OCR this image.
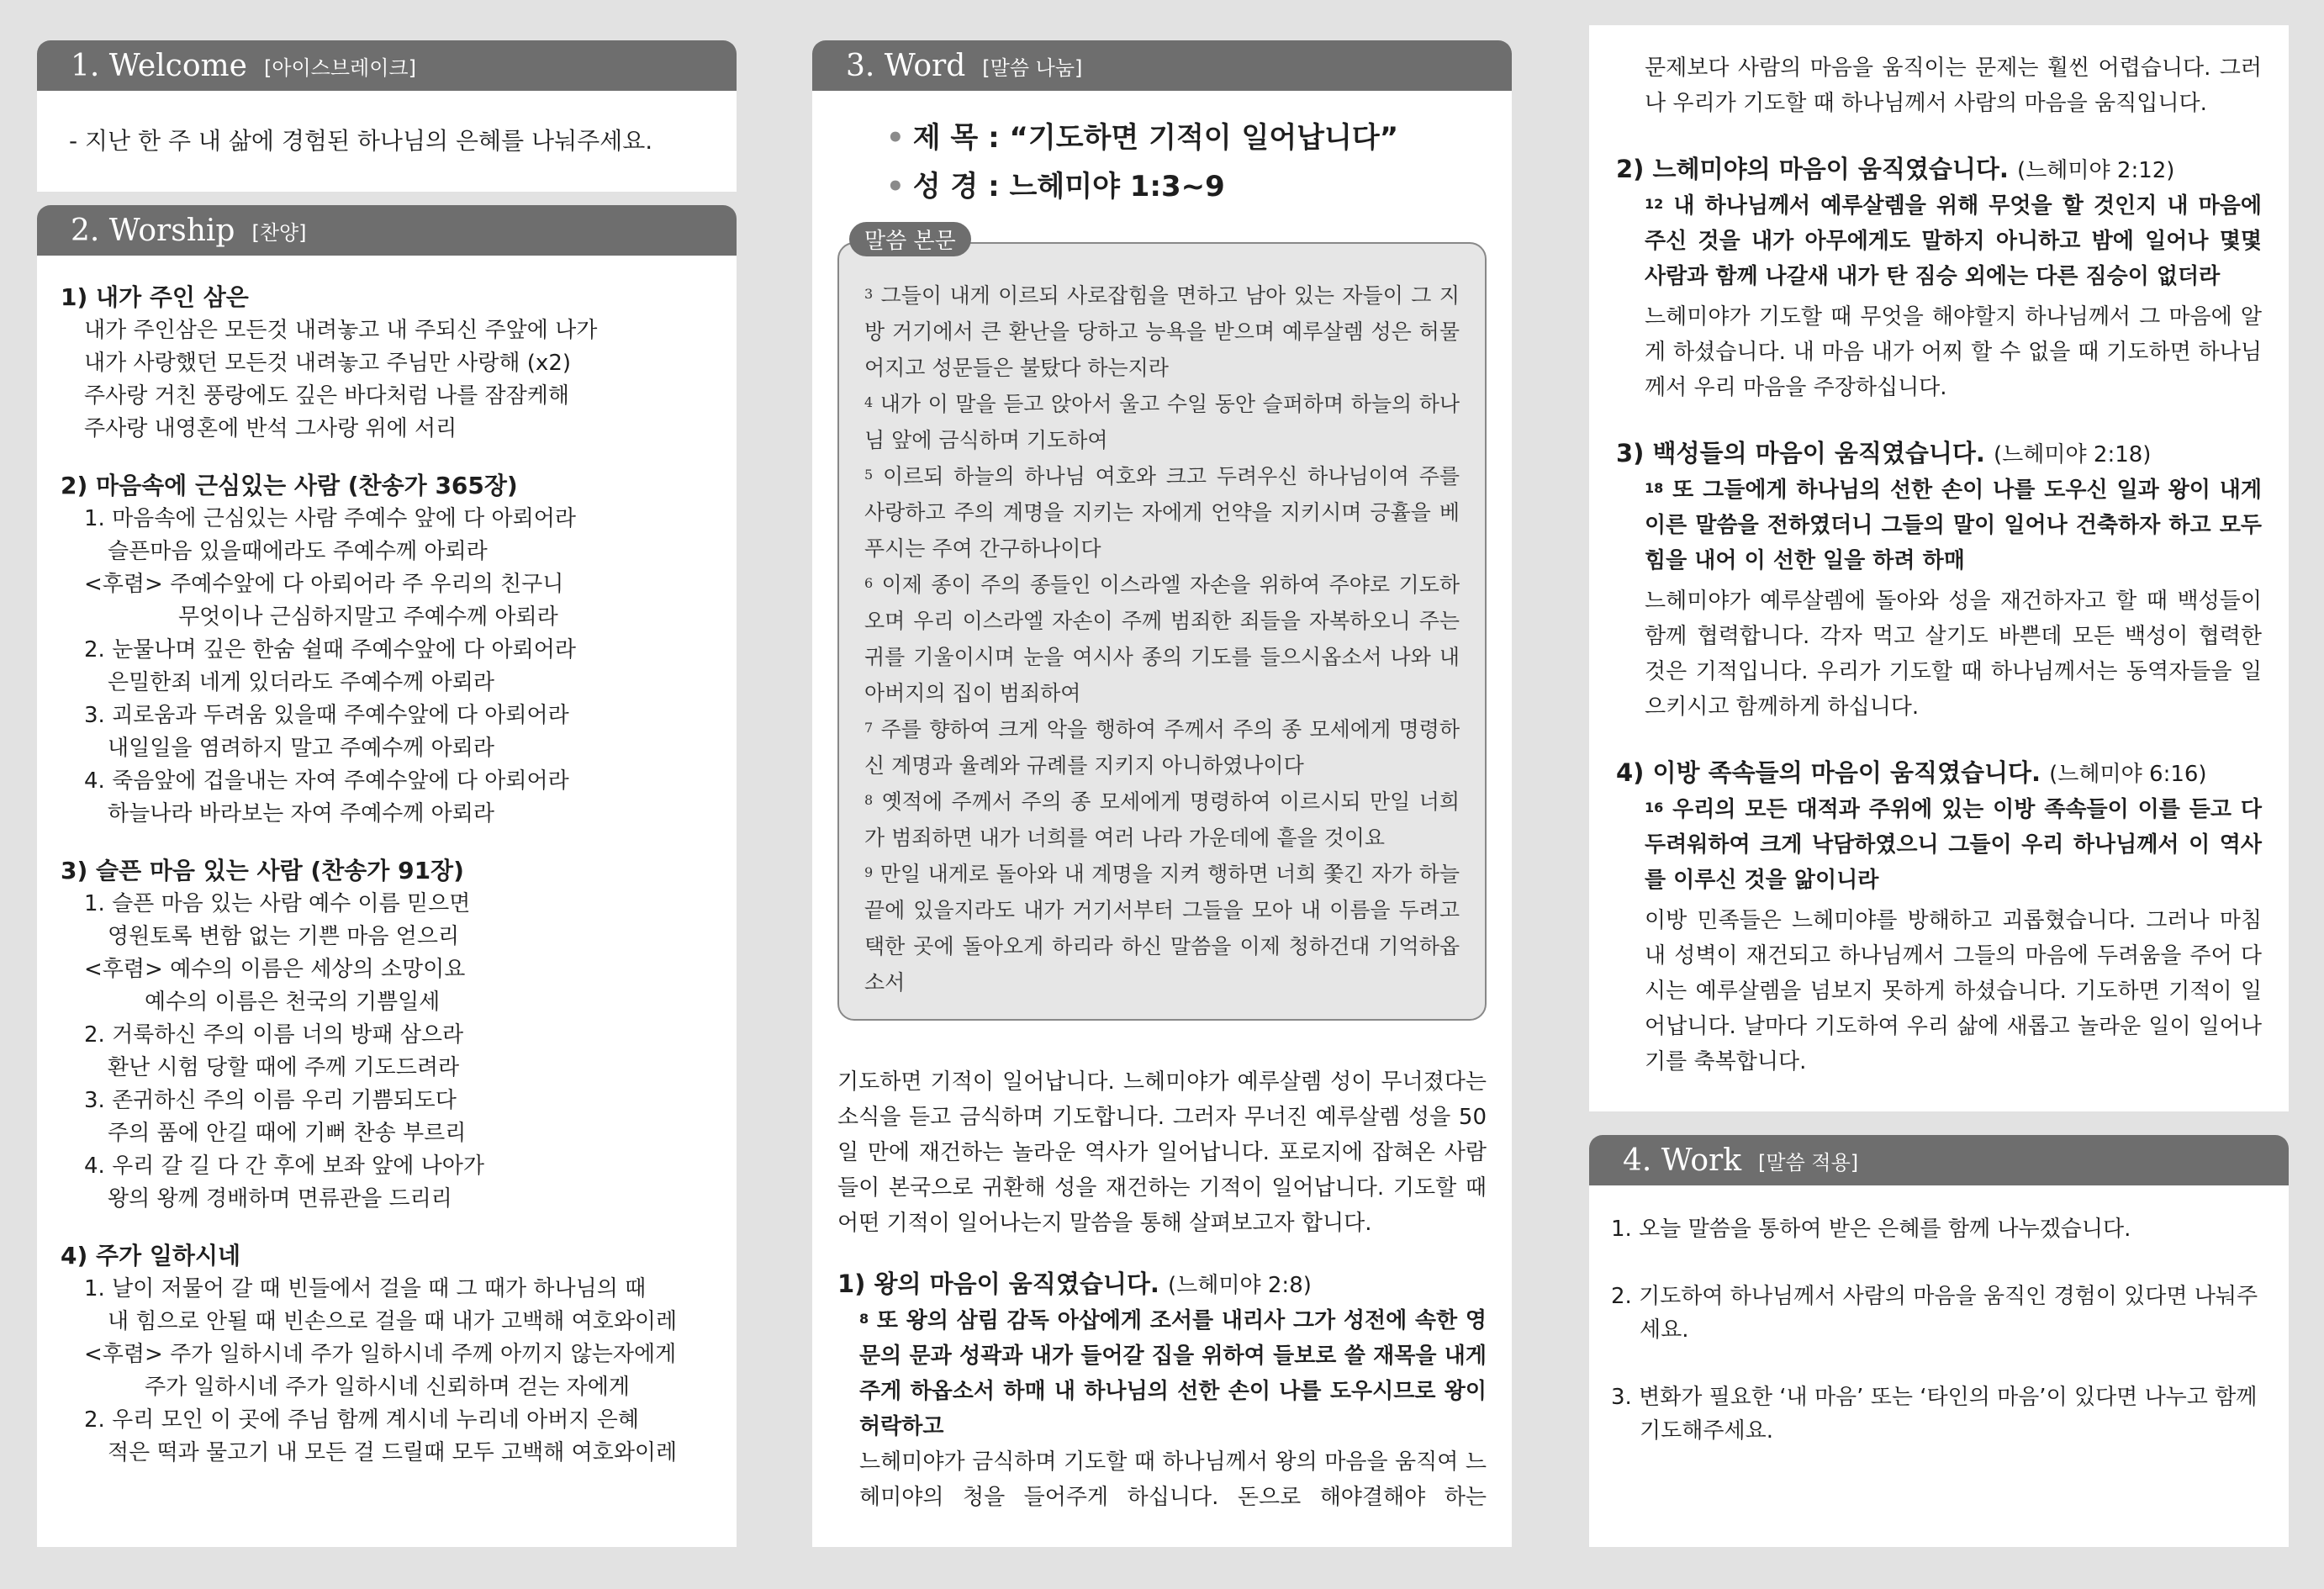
1. Welcome [아이스브레이크]
- 지난 한 주 내 삶에 경험된 하나님의 은혜를 나눠주세요.
2. Worship [찬양]
1) 내가 주인 삼은
내가 주인삼은 모든것 내려놓고 내 주되신 주앞에 나가
내가 사랑했던 모든것 내려놓고 주님만 사랑해 (x2)
주사랑 거친 풍랑에도 깊은 바다처럼 나를 잠잠케해
주사랑 내영혼에 반석 그사랑 위에 서리
2) 마음속에 근심있는 사람 (찬송가 365장)
1. 마음속에 근심있는 사람 주예수 앞에 다 아뢰어라
슬픈마음 있을때에라도 주예수께 아뢰라
<후렴> 주예수앞에 다 아뢰어라 주 우리의 친구니
무엇이나 근심하지말고 주예수께 아뢰라
2. 눈물나며 깊은 한숨 쉴때 주예수앞에 다 아뢰어라
은밀한죄 네게 있더라도 주예수께 아뢰라
3. 괴로움과 두려움 있을때 주예수앞에 다 아뢰어라
내일일을 염려하지 말고 주예수께 아뢰라
4. 죽음앞에 겁을내는 자여 주예수앞에 다 아뢰어라
하늘나라 바라보는 자여 주예수께 아뢰라
3) 슬픈 마음 있는 사람 (찬송가 91장)
1. 슬픈 마음 있는 사람 예수 이름 믿으면
영원토록 변함 없는 기쁜 마음 얻으리
<후렴> 예수의 이름은 세상의 소망이요
예수의 이름은 천국의 기쁨일세
2. 거룩하신 주의 이름 너의 방패 삼으라
환난 시험 당할 때에 주께 기도드려라
3. 존귀하신 주의 이름 우리 기쁨되도다
주의 품에 안길 때에 기뻐 찬송 부르리
4. 우리 갈 길 다 간 후에 보좌 앞에 나아가
왕의 왕께 경배하며 면류관을 드리리
4) 주가 일하시네
1. 날이 저물어 갈 때 빈들에서 걸을 때 그 때가 하나님의 때
내 힘으로 안될 때 빈손으로 걸을 때 내가 고백해 여호와이레
<후렴> 주가 일하시네 주가 일하시네 주께 아끼지 않는자에게
주가 일하시네 주가 일하시네 신뢰하며 걷는 자에게
2. 우리 모인 이 곳에 주님 함께 계시네 누리네 아버지 은혜
적은 떡과 물고기 내 모든 걸 드릴때 모두 고백해 여호와이레
3. Word [말씀 나눔]
• 제 목 : “기도하면 기적이 일어납니다”
• 성 경 : 느헤미야 1:3~9

$^3$ 그들이 내게 이르되 사로잡힘을 면하고 남아 있는 자들이 그 지방 거기에서 큰 환난을 당하고 능욕을 받으며 예루살렘 성은 허물어지고 성문들은 불탔다 하는지라

$^4$ 내가 이 말을 듣고 앉아서 울고 수일 동안 슬퍼하며 하늘의 하나님 앞에 금식하며 기도하여

$^5$ 이르되 하늘의 하나님 여호와 크고 두려우신 하나님이여 주를 사랑하고 주의 계명을 지키는 자에게 언약을 지키시며 긍휼을 베푸시는 주여 간구하나이다

$^6$ 이제 종이 주의 종들인 이스라엘 자손을 위하여 주야로 기도하오며 우리 이스라엘 자손이 주께 범죄한 죄들을 자복하오니 주는 귀를 기울이시며 눈을 여시사 종의 기도를 들으시옵소서 나와 내 아버지의 집이 범죄하여

$^7$ 주를 향하여 크게 악을 행하여 주께서 주의 종 모세에게 명령하신 계명과 율례와 규례를 지키지 아니하였나이다

$^8$ 옛적에 주께서 주의 종 모세에게 명령하여 이르시되 만일 너희가 범죄하면 내가 너희를 여러 나라 가운데에 흩을 것이요

$^9$ 만일 내게로 돌아와 내 계명을 지켜 행하면 너희 쫓긴 자가 하늘 끝에 있을지라도 내가 거기서부터 그들을 모아 내 이름을 두려고 택한 곳에 돌아오게 하리라 하신 말씀을 이제 청하건대 기억하옵소서

말씀 본문

기도하면 기적이 일어납니다. 느헤미야가 예루살렘 성이 무너졌다는 소식을 듣고 금식하며 기도합니다. 그러자 무너진 예루살렘 성을 50일 만에 재건하는 놀라운 역사가 일어납니다. 포로지에 잡혀온 사람들이 본국으로 귀환해 성을 재건하는 기적이 일어납니다. 기도할 때 어떤 기적이 일어나는지 말씀을 통해 살펴보고자 합니다.

1) 왕의 마음이 움직였습니다. (느헤미야 2:8)

$^8$ 또 왕의 삼림 감독 아삽에게 조서를 내리사 그가 성전에 속한 영문의 문과 성곽과 내가 들어갈 집을 위하여 들보로 쓸 재목을 내게 주게 하옵소서 하매 내 하나님의 선한 손이 나를 도우시므로 왕이 허락하고

느헤미야가 금식하며 기도할 때 하나님께서 왕의 마음을 움직여 느헤미야의 청을 들어주게 하십니다. 돈으로 해야결해야 하는

문제보다 사람의 마음을 움직이는 문제는 훨씬 어렵습니다. 그러나 우리가 기도할 때 하나님께서 사람의 마음을 움직입니다.

2) 느헤미야의 마음이 움직였습니다. (느헤미야 2:12)

$^{12}$ 내 하나님께서 예루살렘을 위해 무엇을 할 것인지 내 마음에 주신 것을 내가 아무에게도 말하지 아니하고 밤에 일어나 몇몇 사람과 함께 나갈새 내가 탄 짐승 외에는 다른 짐승이 없더라

느헤미야가 기도할 때 무엇을 해야할지 하나님께서 그 마음에 알게 하셨습니다. 내 마음 내가 어찌 할 수 없을 때 기도하면 하나님께서 우리 마음을 주장하십니다.

3) 백성들의 마음이 움직였습니다. (느헤미야 2:18)

$^{18}$ 또 그들에게 하나님의 선한 손이 나를 도우신 일과 왕이 내게 이른 말씀을 전하였더니 그들의 말이 일어나 건축하자 하고 모두 힘을 내어 이 선한 일을 하려 하매

느헤미야가 예루살렘에 돌아와 성을 재건하자고 할 때 백성들이 함께 협력합니다. 각자 먹고 살기도 바쁜데 모든 백성이 협력한 것은 기적입니다. 우리가 기도할 때 하나님께서는 동역자들을 일으키시고 함께하게 하십니다.

4) 이방 족속들의 마음이 움직였습니다. (느헤미야 6:16)

$^{16}$ 우리의 모든 대적과 주위에 있는 이방 족속들이 이를 듣고 다 두려워하여 크게 낙담하였으니 그들이 우리 하나님께서 이 역사를 이루신 것을 앎이니라

이방 민족들은 느헤미야를 방해하고 괴롭혔습니다. 그러나 마침내 성벽이 재건되고 하나님께서 그들의 마음에 두려움을 주어 다시는 예루살렘을 넘보지 못하게 하셨습니다. 기도하면 기적이 일어납니다. 날마다 기도하여 우리 삶에 새롭고 놀라운 일이 일어나기를 축복합니다.

4. Work [말씀 적용]

1. 오늘 말씀을 통하여 받은 은혜를 함께 나누겠습니다.

2. 기도하여 하나님께서 사람의 마음을 움직인 경험이 있다면 나눠주세요.

3. 변화가 필요한 ‘내 마음’ 또는 ‘타인의 마음’이 있다면 나누고 함께 기도해주세요.
